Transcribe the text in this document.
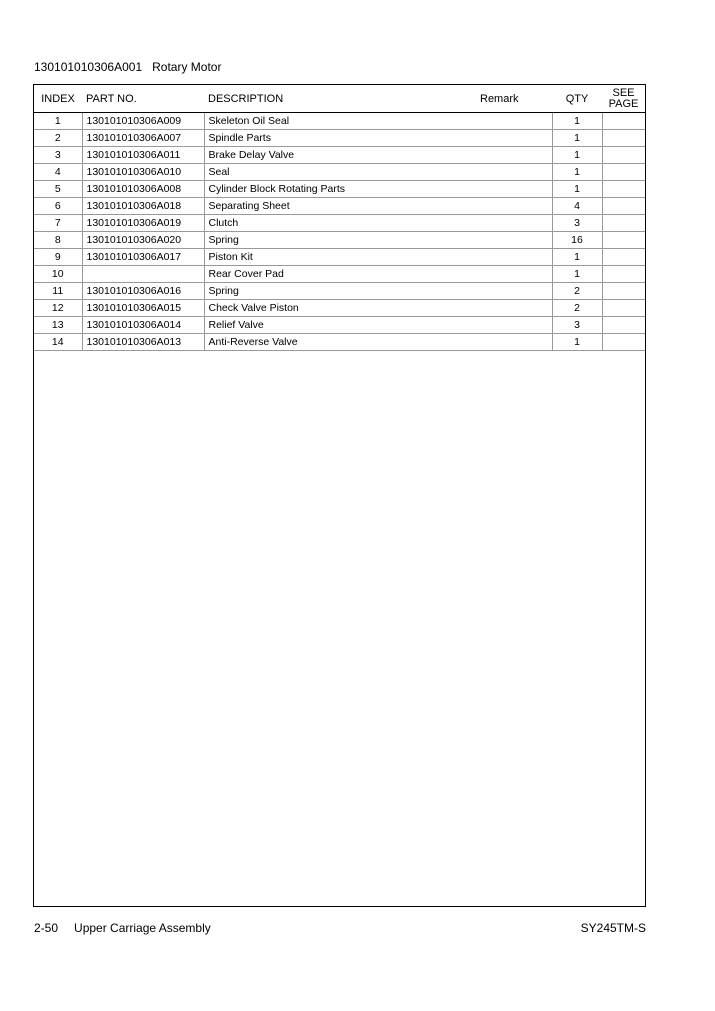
130101010306A001 Rotary Motor
INDEX	PART NO.	DESCRIPTION	Remark	QTY	SEE
PAGE
1	130101010306A009	Skeleton Oil Seal		1	
2	130101010306A007	Spindle Parts		1	
3	130101010306A011	Brake Delay Valve		1	
4	130101010306A010	Seal		1	
5	130101010306A008	Cylinder Block Rotating Parts		1	
6	130101010306A018	Separating Sheet		4	
7	130101010306A019	Clutch		3	
8	130101010306A020	Spring		16	
9	130101010306A017	Piston Kit		1	
10		Rear Cover Pad		1	
11	130101010306A016	Spring		2	
12	130101010306A015	Check Valve Piston		2	
13	130101010306A014	Relief Valve		3	
14	130101010306A013	Anti-Reverse Valve		1	
2-50 Upper Carriage Assembly	SY245TM-S
